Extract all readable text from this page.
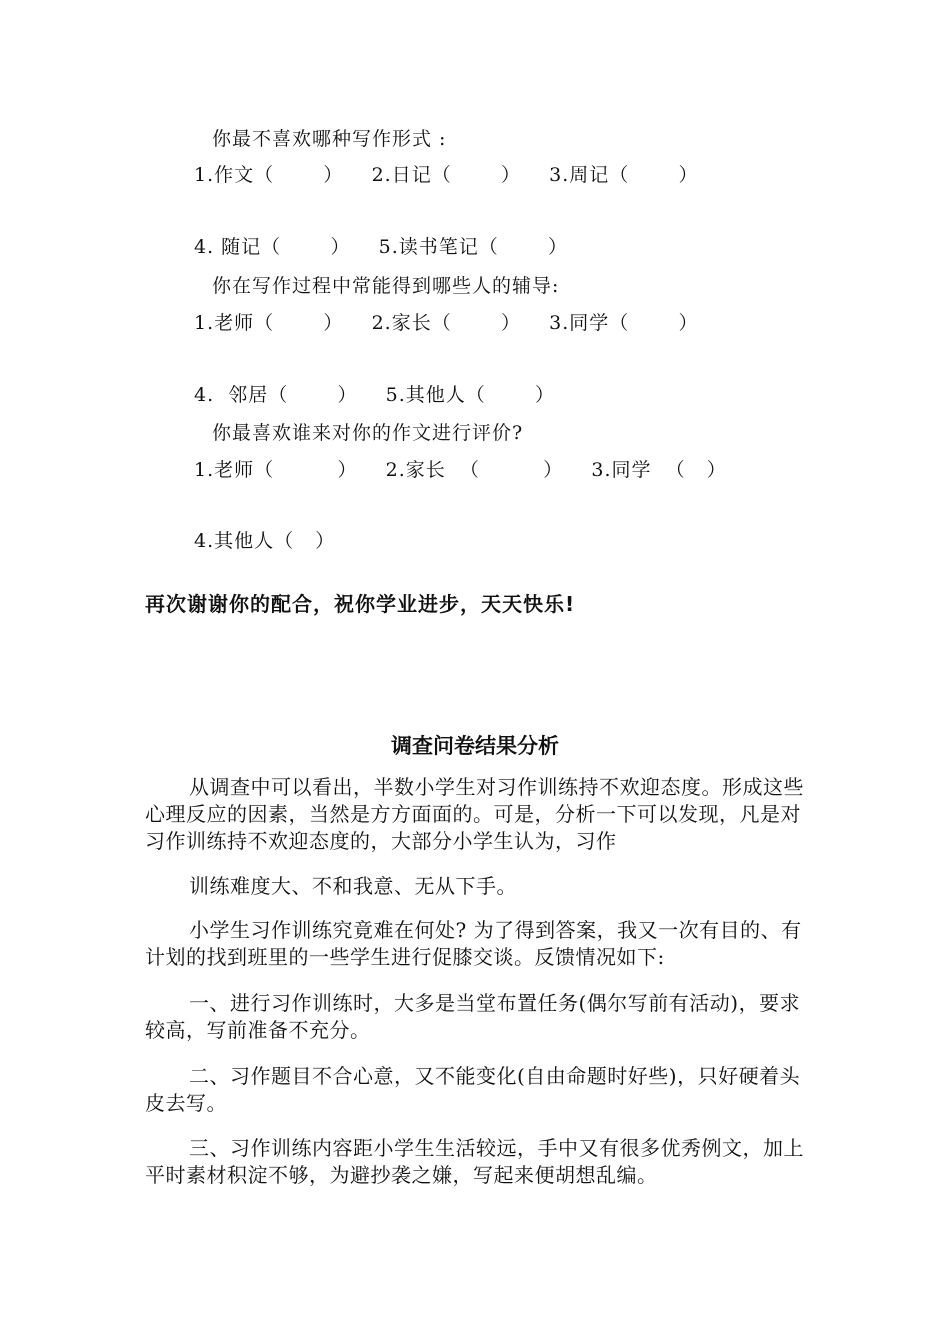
你最不喜欢哪种写作形式 :
1.作文（       ）    2.日记（       ）    3.周记（       ）
4. 随记（       ）    5.读书笔记（       ）
你在写作过程中常能得到哪些人的辅导:
1.老师（       ）    2.家长（       ）    3.同学（       ）
4.  邻居（       ）    5.其他人（       ）
你最喜欢谁来对你的作文进行评价?
1.老师（         ）    2.家长  （         ）    3.同学  （   ）
4.其他人（   ）
再次谢谢你的配合，祝你学业进步，天天快乐!
调查问卷结果分析
从调查中可以看出，半数小学生对习作训练持不欢迎态度。形成这些心理反应的因素，当然是方方面面的。可是，分析一下可以发现，凡是对习作训练持不欢迎态度的，大部分小学生认为，习作
训练难度大、不和我意、无从下手。
小学生习作训练究竟难在何处? 为了得到答案，我又一次有目的、有计划的找到班里的一些学生进行促膝交谈。反馈情况如下:
一、进行习作训练时，大多是当堂布置任务(偶尔写前有活动)，要求较高，写前准备不充分。
二、习作题目不合心意，又不能变化(自由命题时好些)，只好硬着头皮去写。
三、习作训练内容距小学生生活较远，手中又有很多优秀例文，加上平时素材积淀不够，为避抄袭之嫌，写起来便胡想乱编。
